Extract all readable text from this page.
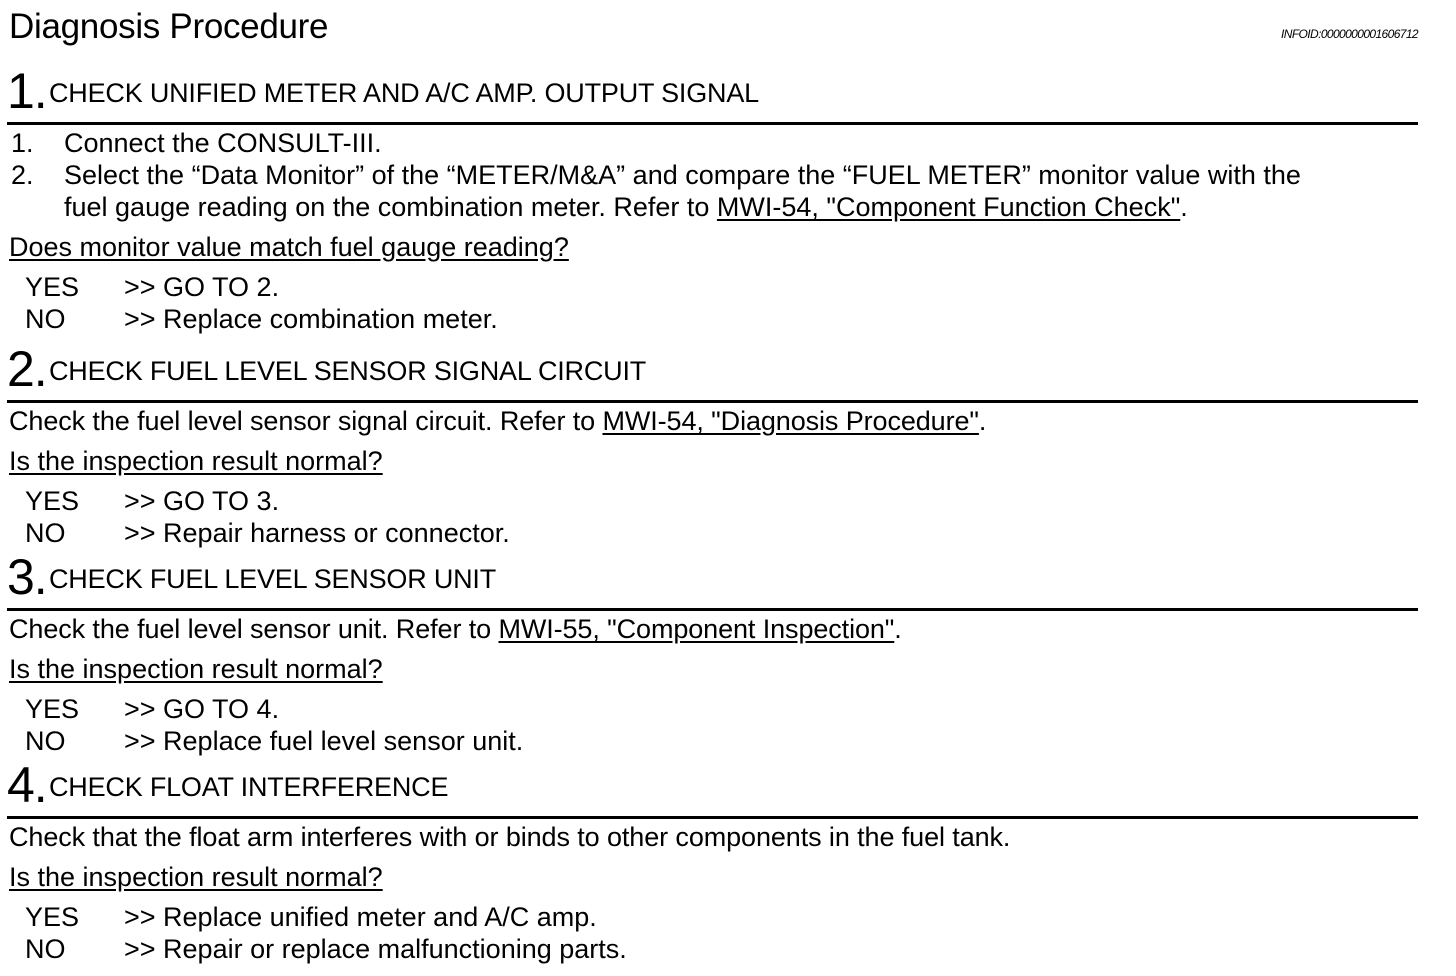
Diagnosis Procedure	INFOID:0000000001606712
1. CHECK UNIFIED METER AND A/C AMP. OUTPUT SIGNAL
1. Connect the CONSULT-III.
2. Select the “Data Monitor” of the “METER/M&A” and compare the “FUEL METER” monitor value with the
fuel gauge reading on the combination meter. Refer to MWI-54, "Component Function Check".
Does monitor value match fuel gauge reading?
YES >> GO TO 2.
NO >> Replace combination meter.
2. CHECK FUEL LEVEL SENSOR SIGNAL CIRCUIT
Check the fuel level sensor signal circuit. Refer to MWI-54, "Diagnosis Procedure".
Is the inspection result normal?
YES >> GO TO 3.
NO >> Repair harness or connector.
3. CHECK FUEL LEVEL SENSOR UNIT
Check the fuel level sensor unit. Refer to MWI-55, "Component Inspection".
Is the inspection result normal?
YES >> GO TO 4.
NO >> Replace fuel level sensor unit.
4. CHECK FLOAT INTERFERENCE
Check that the float arm interferes with or binds to other components in the fuel tank.
Is the inspection result normal?
YES >> Replace unified meter and A/C amp.
NO >> Repair or replace malfunctioning parts.
